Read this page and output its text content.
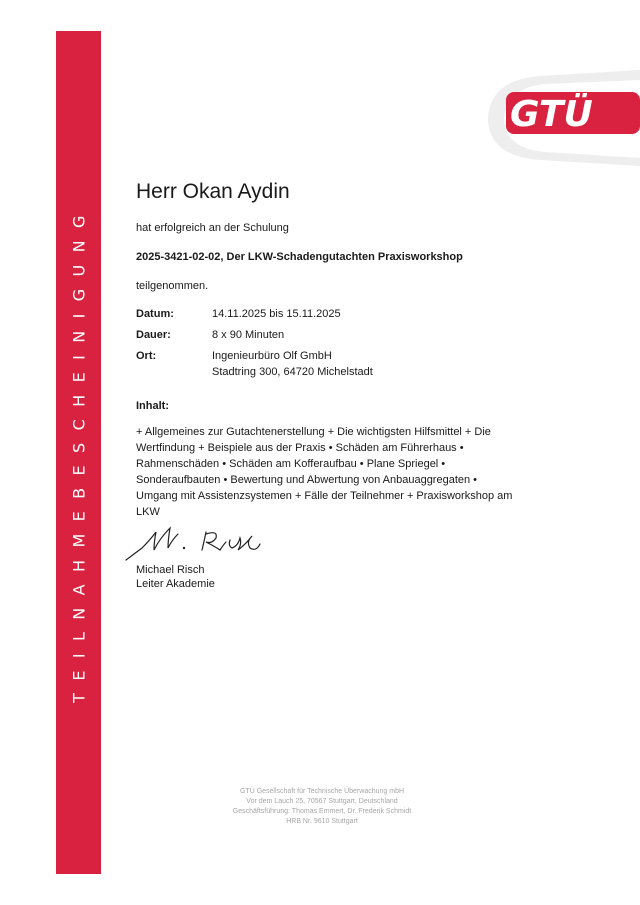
TEILNAHMEBESCHEINIGUNG
GTÜ
Herr Okan Aydin
hat erfolgreich an der Schulung
2025-3421-02-02, Der LKW-Schadengutachten Praxisworkshop
teilgenommen.
Datum:	14.11.2025 bis 15.11.2025
Dauer:	8 x 90 Minuten
Ort:	Ingenieurbüro Olf GmbH
Stadtring 300, 64720 Michelstadt
Inhalt:
+ Allgemeines zur Gutachtenerstellung + Die wichtigsten Hilfsmittel + Die
Wertfindung + Beispiele aus der Praxis • Schäden am Führerhaus •
Rahmenschäden • Schäden am Kofferaufbau • Plane Spriegel •
Sonderaufbauten • Bewertung und Abwertung von Anbauaggregaten •
Umgang mit Assistenzsystemen + Fälle der Teilnehmer + Praxisworkshop am
LKW
Michael Risch
Leiter Akademie
GTÜ Gesellschaft für Technische Überwachung mbH
Vor dem Lauch 25, 70567 Stuttgart, Deutschland
Geschäftsführung: Thomas Emmert, Dr. Frederik Schmidt
HRB Nr. 9610 Stuttgart
